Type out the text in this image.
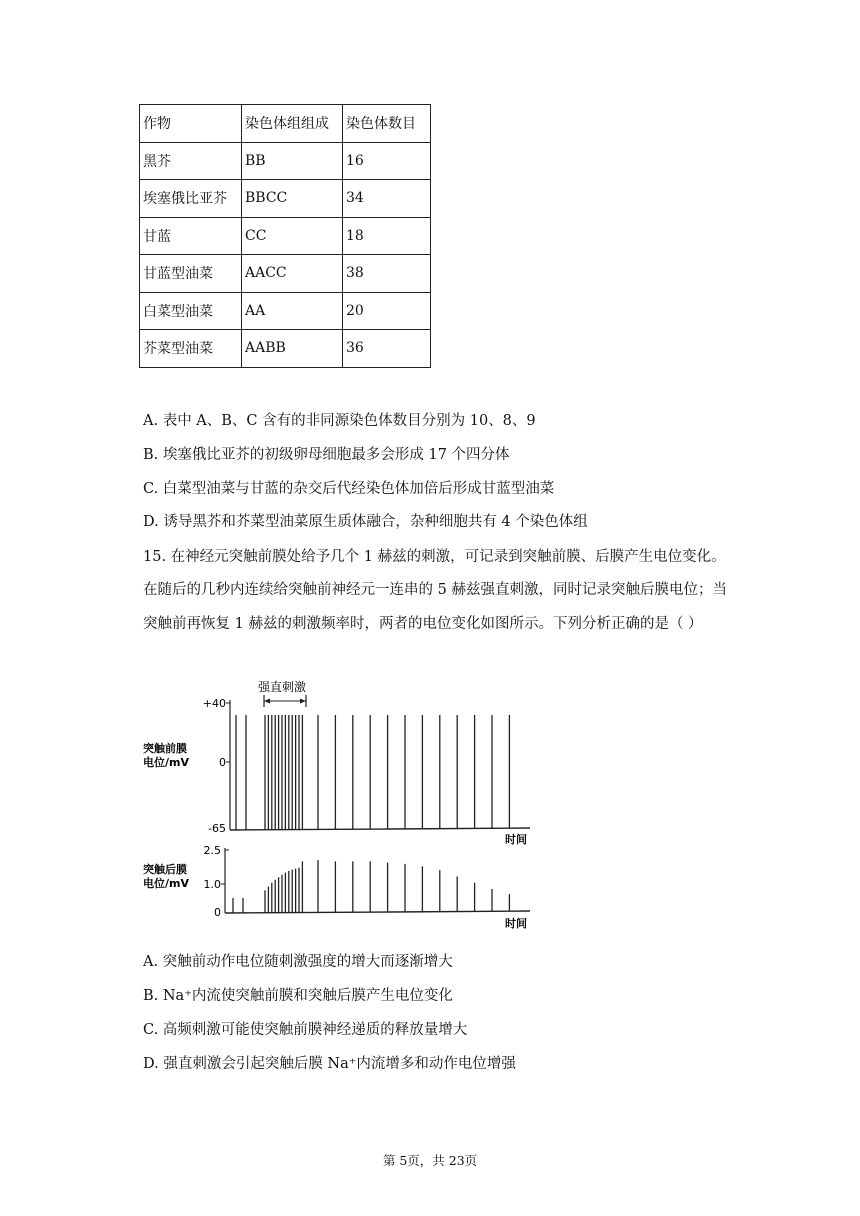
作物	染色体组组成	染色体数目
黑芥	BB	16
埃塞俄比亚芥	BBCC	34
甘蓝	CC	18
甘蓝型油菜	AACC	38
白菜型油菜	AA	20
芥菜型油菜	AABB	36
A. 表中 A、B、C 含有的非同源染色体数目分别为 10、8、9
B. 埃塞俄比亚芥的初级卵母细胞最多会形成 17 个四分体
C. 白菜型油菜与甘蓝的杂交后代经染色体加倍后形成甘蓝型油菜
D. 诱导黑芥和芥菜型油菜原生质体融合，杂种细胞共有 4 个染色体组
15. 在神经元突触前膜处给予几个 1 赫兹的刺激，可记录到突触前膜、后膜产生电位变化。
在随后的几秒内连续给突触前神经元一连串的 5 赫兹强直刺激，同时记录突触后膜电位；当
突触前再恢复 1 赫兹的刺激频率时，两者的电位变化如图所示。下列分析正确的是（ ）
强直刺激
突触前膜
电位/mV
+40
0
-65
时间
突触后膜
电位/mV
2.5
1.0
0
时间
A. 突触前动作电位随刺激强度的增大而逐渐增大
B. Na⁺内流使突触前膜和突触后膜产生电位变化
C. 高频刺激可能使突触前膜神经递质的释放量增大
D. 强直刺激会引起突触后膜 Na⁺内流增多和动作电位增强
第 5页，共 23页
